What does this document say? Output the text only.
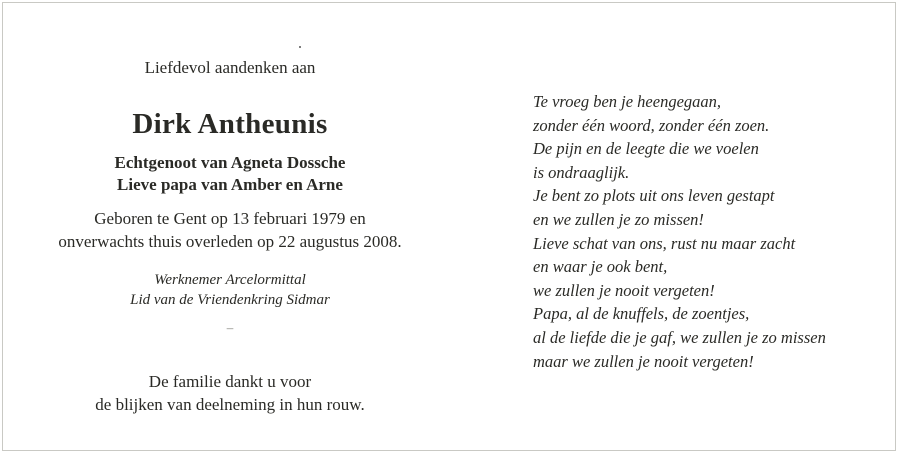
Liefdevol aandenken aan
Dirk Antheunis
Echtgenoot van Agneta Dossche
Lieve papa van Amber en Arne
Geboren te Gent op 13 februari 1979 en
onverwachts thuis overleden op 22 augustus 2008.
Werknemer Arcelormittal
Lid van de Vriendenkring Sidmar
–
De familie dankt u voor
de blijken van deelneming in hun rouw.
Te vroeg ben je heengegaan,
zonder één woord, zonder één zoen.
De pijn en de leegte die we voelen
is ondraaglijk.
Je bent zo plots uit ons leven gestapt
en we zullen je zo missen!
Lieve schat van ons, rust nu maar zacht
en waar je ook bent,
we zullen je nooit vergeten!
Papa, al de knuffels, de zoentjes,
al de liefde die je gaf, we zullen je zo missen
maar we zullen je nooit vergeten!
